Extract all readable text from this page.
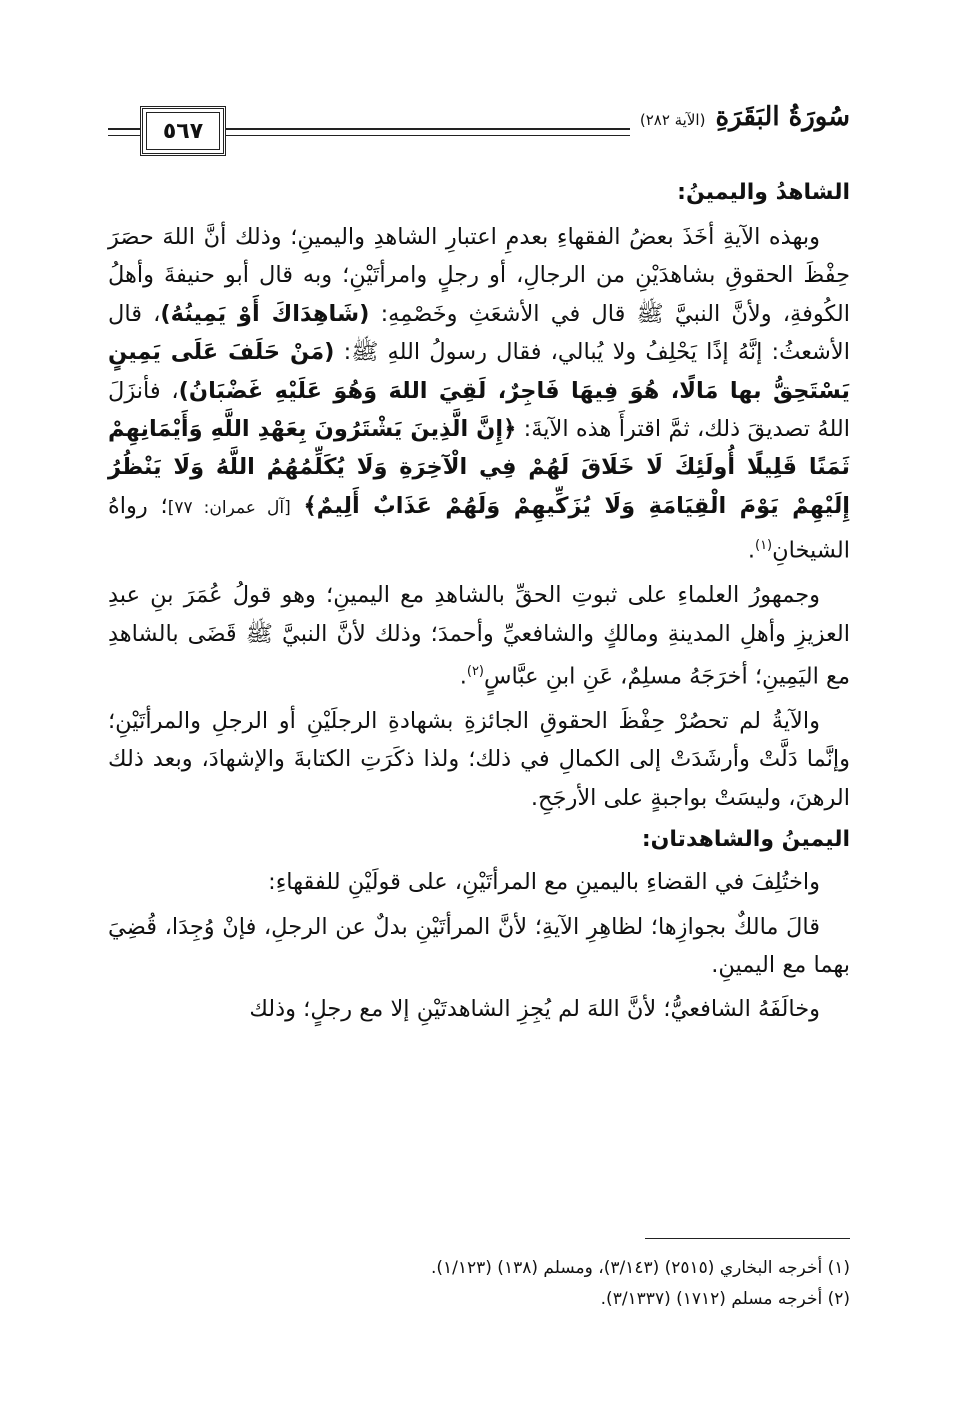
٥٦٧	سُورَةُ البَقَرَةِ
(الآية ٢٨٢)

الشاهدُ واليمينُ:

وبهذه الآيةِ أخَذَ بعضُ الفقهاءِ بعدمِ اعتبارِ الشاهدِ واليمينِ؛ وذلك أنَّ اللهَ حصَرَ حِفْظَ الحقوقِ بشاهدَيْنِ من الرجالِ، أو رجلٍ وامرأتَيْنِ؛ وبه قال أبو حنيفةَ وأهلُ الكُوفةِ، ولأنَّ النبيَّ ﷺ قال في الأشعَثِ وخَصْمِهِ: (شَاهِدَاكَ أَوْ يَمِينُهُ)، قال الأشعثُ: إنَّهُ إذًا يَحْلِفُ ولا يُبالي، فقال رسولُ اللهِ ﷺ: (مَنْ حَلَفَ عَلَى يَمِينٍ يَسْتَحِقُّ بها مَالًا، هُوَ فِيهَا فَاجِرٌ، لَقِيَ اللهَ وَهُوَ عَلَيْهِ غَضْبَانُ)، فأنزَلَ اللهُ تصديقَ ذلك، ثمَّ اقترأَ هذه الآيةَ: ﴿إِنَّ الَّذِينَ يَشْتَرُونَ بِعَهْدِ اللَّهِ وَأَيْمَانِهِمْ ثَمَنًا قَلِيلًا أُولَئِكَ لَا خَلَاقَ لَهُمْ فِي الْآخِرَةِ وَلَا يُكَلِّمُهُمُ اللَّهُ وَلَا يَنْظُرُ إِلَيْهِمْ يَوْمَ الْقِيَامَةِ وَلَا يُزَكِّيهِمْ وَلَهُمْ عَذَابٌ أَلِيمٌ﴾ [آل عمران: ٧٧]؛ رواهُ الشيخانِ$^{(١)}$.

وجمهورُ العلماءِ على ثبوتِ الحقِّ بالشاهدِ مع اليمينِ؛ وهو قولُ عُمَرَ بنِ عبدِ العزيزِ وأهلِ المدينةِ ومالكٍ والشافعيِّ وأحمدَ؛ وذلك لأنَّ النبيَّ ﷺ قَضَى بالشاهدِ مع اليَمِينِ؛ أخرَجَهُ مسلِمٌ، عَنِ ابنِ عبَّاسٍ$^{(٢)}$.

والآيةُ لم تحصُرْ حِفْظَ الحقوقِ الجائزةِ بشهادةِ الرجلَيْنِ أو الرجلِ والمرأتَيْنِ؛ وإنَّما دَلَّتْ وأرشَدَتْ إلى الكمالِ في ذلك؛ ولذا ذكَرَتِ الكتابةَ والإشهادَ، وبعد ذلك الرهنَ، وليسَتْ بواجبةٍ على الأرجَحِ.

اليمينُ والشاهدتان:

واختُلِفَ في القضاءِ باليمينِ مع المرأتَيْنِ، على قولَيْنِ للفقهاءِ:

قالَ مالكٌ بجوازِها؛ لظاهِرِ الآيةِ؛ لأنَّ المرأتَيْنِ بدلٌ عن الرجلِ، فإنْ وُجِدَا، قُضِيَ بهما مع اليمينِ.

وخالَفَهُ الشافعيُّ؛ لأنَّ اللهَ لم يُجِزِ الشاهدتَيْنِ إلا مع رجلٍ؛ وذلك

(١) أخرجه البخاري (٢٥١٥) (٣/١٤٣)، ومسلم (١٣٨) (١/١٢٣).
(٢) أخرجه مسلم (١٧١٢) (٣/١٣٣٧).
